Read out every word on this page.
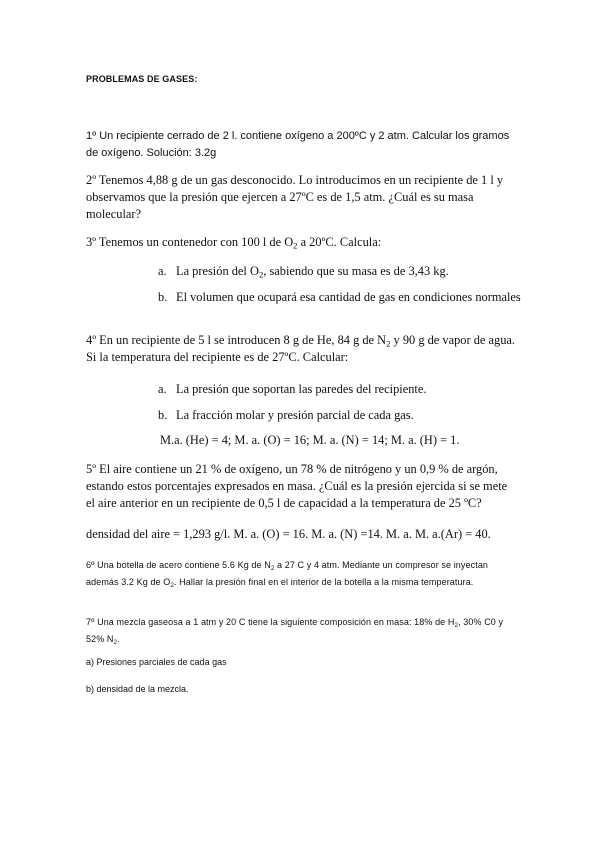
PROBLEMAS DE GASES:

1º Un recipiente cerrado de 2 l. contiene oxígeno a 200ºC y 2 atm. Calcular los gramos de oxígeno. Solución: 3.2g

2º Tenemos 4,88 g de un gas desconocido. Lo introducimos en un recipiente de 1 l y observamos que la presión que ejercen a 27ºC es de 1,5 atm. ¿Cuál es su masa molecular?

3º Tenemos un contenedor con 100 l de $O_2$ a 20ºC. Calcula:

a. La presión del $O_2$, sabiendo que su masa es de 3,43 kg.
b. El volumen que ocupará esa cantidad de gas en condiciones normales

4º En un recipiente de 5 l se introducen 8 g de He, 84 g de $N_2$ y 90 g de vapor de agua. Si la temperatura del recipiente es de 27ºC. Calcular:

a. La presión que soportan las paredes del recipiente.
b. La fracción molar y presión parcial de cada gas.
M.a. (He) = 4; M. a. (O) = 16; M. a. (N) = 14; M. a. (H) = 1.

5º El aire contiene un 21 % de oxígeno, un 78 % de nitrógeno y un 0,9 % de argón, estando estos porcentajes expresados en masa. ¿Cuál es la presión ejercida si se mete el aire anterior en un recipiente de 0,5 l de capacidad a la temperatura de 25 ºC?

densidad del aire = 1,293 g/l. M. a. (O) = 16. M. a. (N) =14. M. a. M. a.(Ar) = 40.

6º Una botella de acero contiene 5.6 Kg de $N_2$ a 27 C y 4 atm. Mediante un compresor se inyectan además 3.2 Kg de $O_2$. Hallar la presión final en el interior de la botella a la misma temperatura.

7º Una mezcla gaseosa a 1 atm y 20 C tiene la siguiente composición en masa: 18% de $H_2$, 30% C0 y 52% $N_2$.

a) Presiones parciales de cada gas

b) densidad de la mezcla.
